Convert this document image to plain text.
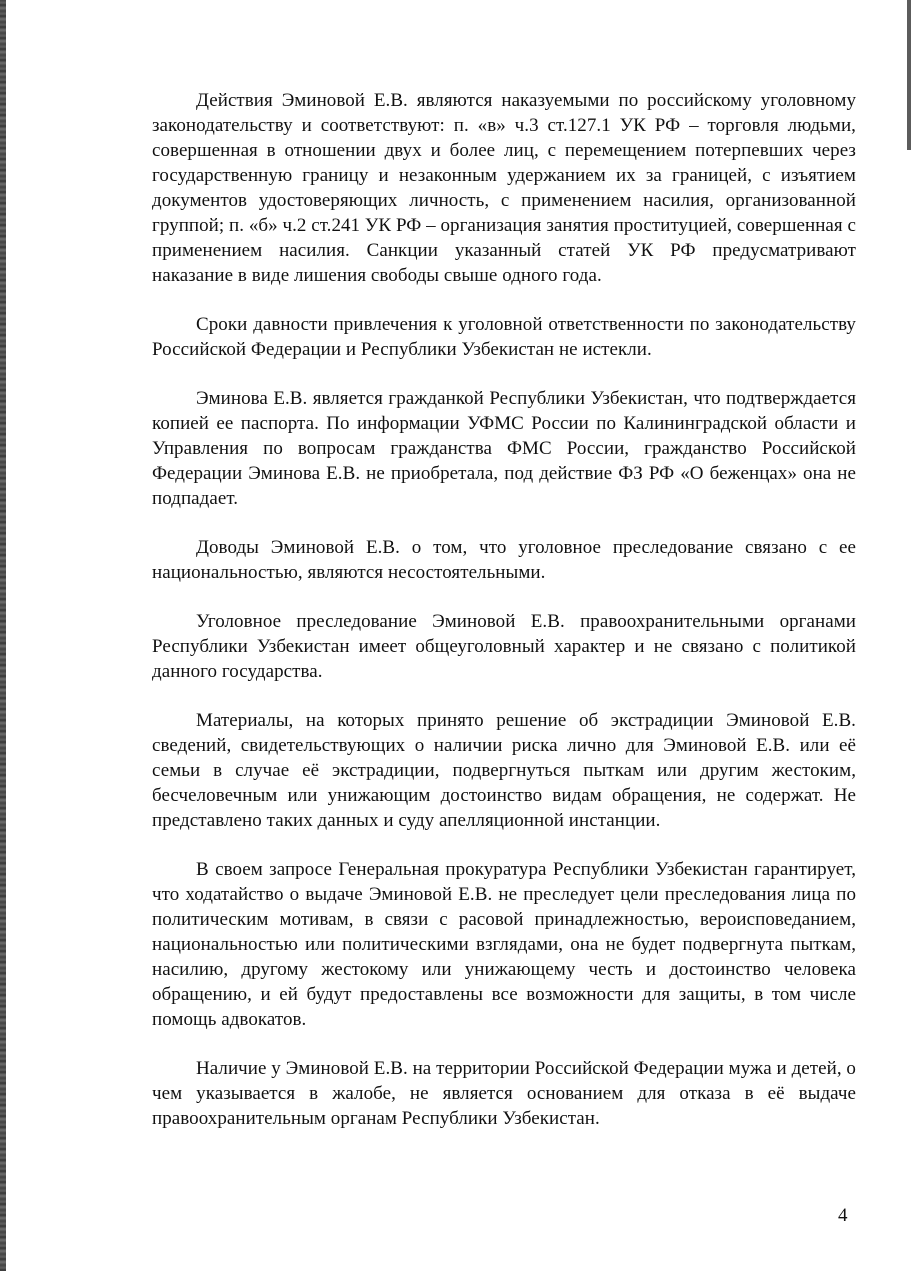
Действия Эминовой Е.В. являются наказуемыми по российскому уголовному законодательству и соответствуют: п. «в» ч.3 ст.127.1 УК РФ – торговля людьми, совершенная в отношении двух и более лиц, с перемещением потерпевших через государственную границу и незаконным удержанием их за границей, с изъятием документов удостоверяющих личность, с применением насилия, организованной группой; п. «б» ч.2 ст.241 УК РФ – организация занятия проституцией, совершенная с применением насилия. Санкции указанный статей УК РФ предусматривают наказание в виде лишения свободы свыше одного года.

Сроки давности привлечения к уголовной ответственности по законодательству Российской Федерации и Республики Узбекистан не истекли.

Эминова Е.В. является гражданкой Республики Узбекистан, что подтверждается копией ее паспорта. По информации УФМС России по Калининградской области и Управления по вопросам гражданства ФМС России, гражданство Российской Федерации Эминова Е.В. не приобретала, под действие ФЗ РФ «О беженцах» она не подпадает.

Доводы Эминовой Е.В. о том, что уголовное преследование связано с ее национальностью, являются несостоятельными.

Уголовное преследование Эминовой Е.В. правоохранительными органами Республики Узбекистан имеет общеуголовный характер и не связано с политикой данного государства.

Материалы, на которых принято решение об экстрадиции Эминовой Е.В. сведений, свидетельствующих о наличии риска лично для Эминовой Е.В. или её семьи в случае её экстрадиции, подвергнуться пыткам или другим жестоким, бесчеловечным или унижающим достоинство видам обращения, не содержат. Не представлено таких данных и суду апелляционной инстанции.

В своем запросе Генеральная прокуратура Республики Узбекистан гарантирует, что ходатайство о выдаче Эминовой Е.В. не преследует цели преследования лица по политическим мотивам, в связи с расовой принадлежностью, вероисповеданием, национальностью или политическими взглядами, она не будет подвергнута пыткам, насилию, другому жестокому или унижающему честь и достоинство человека обращению, и ей будут предоставлены все возможности для защиты, в том числе помощь адвокатов.

Наличие у Эминовой Е.В. на территории Российской Федерации мужа и детей, о чем указывается в жалобе, не является основанием для отказа в её выдаче правоохранительным органам Республики Узбекистан.

4
